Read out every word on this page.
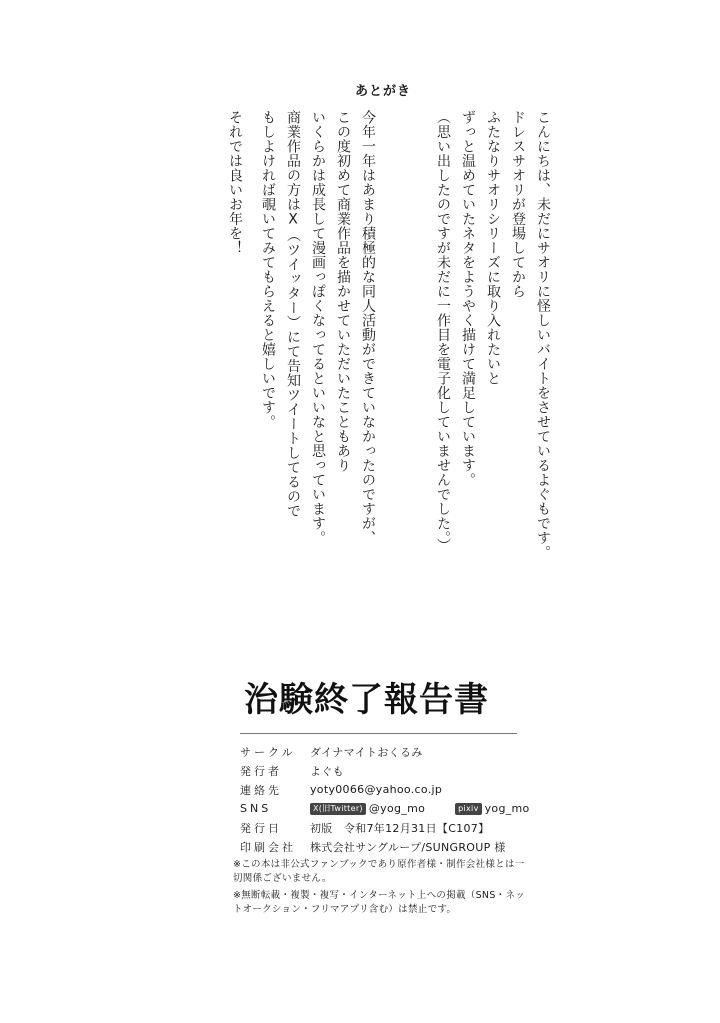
あとがき
こんにちは、未だにサオリに怪しいバイトをさせているよぐもです。
ドレスサオリが登場してから
ふたなりサオリシリーズに取り入れたいと
ずっと温めていたネタをようやく描けて満足しています。
（思い出したのですが未だに一作目を電子化していませんでした。）
今年一年はあまり積極的な同人活動ができていなかったのですが、
この度初めて商業作品を描かせていただいたこともあり
いくらかは成長して漫画っぽくなってるといいなと思っています。
商業作品の方はX（ツイッター）にて告知ツイートしてるので
もしよければ覗いてみてもらえると嬉しいです。
それでは良いお年を！
治験終了報告書
サークル	ダイナマイトおくるみ
発行者	よぐも
連絡先	yoty0066@yahoo.co.jp
SNS	X(旧Twitter) @yog_mo	pixiv yog_mo
発行日	初版　令和7年12月31日【C107】
印刷会社	株式会社サングループ/SUNGROUP 様

※この本は非公式ファンブックであり原作者様・制作会社様とは一切関係ございません。

※無断転載・複製・複写・インターネット上への掲載（SNS・ネットオークション・フリマアプリ含む）は禁止です。
